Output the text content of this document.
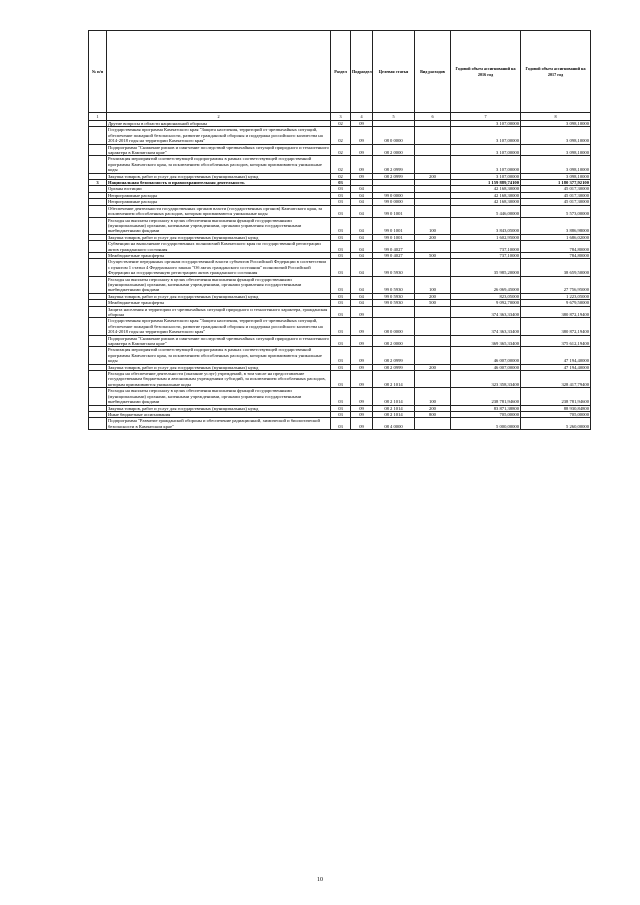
№ п/п		Раздел	Подраздел	Целевая статья	Вид расходов	Годовой объем ассигнований на 2016 год	Годовой объем ассигнований на 2017 год
1	2	3	4	5	6	7	8
	Другие вопросы в области национальной обороны	02	09			3 107,00000	3 098,10000
	Государственная программа Камчатского края "Защита населения, территорий от чрезвычайных ситуаций, обеспечение пожарной безопасности, развитие гражданской обороны и поддержка российского казачества на 2014-2018 годы на территории Камчатского края"	02	09	08 0 0000		3 107,00000	3 098,10000
	Подпрограмма "Снижение рисков и смягчение последствий чрезвычайных ситуаций природного и техногенного характера в Камчатском крае"	02	09	08 2 0000		3 107,00000	3 098,10000
	Реализация мероприятий соответствующей подпрограммы в рамках соответствующей государственной программы Камчатского края, за исключением обособленных расходов, которым присваиваются уникальные коды	02	09	08 2 0999		3 107,00000	3 098,10000
	Закупка товаров, работ и услуг для государственных (муниципальных) нужд	02	09	08 2 0999	200	3 107,00000	3 098,10000
3	Национальная безопасность и правоохранительная деятельность	03				1 159 889,74100	1 180 377,92100
	Органы юстиции	03	04			42 168,30000	45 017,30000
	Непрограммные расходы	03	04	99 0 0000		42 168,30000	45 017,30000
	Непрограммные расходы	03	04	99 0 0000		42 168,30000	45 017,30000
	Обеспечение деятельности государственных органов власти (государственных органов) Камчатского края, за исключением обособленных расходов, которым присваиваются уникальные коды	03	04	99 0 1001		5 446,00000	5 573,00000
	Расходы на выплаты персоналу в целях обеспечения выполнения функций государственными (муниципальными) органами, казенными учреждениями, органами управления государственными внебюджетными фондами	03	04	99 0 1001	100	3 843,05000	3 886,98000
	Закупка товаров, работ и услуг для государственных (муниципальных) нужд	03	04	99 0 1001	200	1 602,95000	1 686,02000
	Субвенции на выполнение государственных полномочий Камчатского края по государственной регистрации актов гражданского состояния	03	04	99 0 4027		737,10000	784,80000
	Межбюджетные трансферты	03	04	99 0 4027	500	737,10000	784,80000
	Осуществление переданных органам государственной власти субъектов Российской Федерации в соответствии с пунктом 1 статьи 4 Федерального закона "Об актах гражданского состояния" полномочий Российской Федерации на государственную регистрацию актов гражданского состояния	03	04	99 0 5930		35 985,20000	38 659,50000
	Расходы на выплаты персоналу в целях обеспечения выполнения функций государственными (муниципальными) органами, казенными учреждениями, органами управления государственными внебюджетными фондами	03	04	99 0 5930	100	26 069,45000	27 756,95000
	Закупка товаров, работ и услуг для государственных (муниципальных) нужд	03	04	99 0 5930	200	823,05000	1 223,05000
	Межбюджетные трансферты	03	04	99 0 5930	500	9 092,70000	9 679,50000
	Защита населения и территории от чрезвычайных ситуаций природного и техногенного характера, гражданская оборона	03	09			374 363,33400	380 872,19400
	Государственная программа Камчатского края "Защита населения, территорий от чрезвычайных ситуаций, обеспечение пожарной безопасности, развитие гражданской обороны и поддержка российского казачества на 2014-2018 годы на территории Камчатского края"	03	09	08 0 0000		374 363,33400	380 872,19400
	Подпрограмма "Снижение рисков и смягчение последствий чрезвычайных ситуаций природного и техногенного характера в Камчатском крае"	03	09	08 2 0000		369 365,33400	375 612,19400
	Реализация мероприятий соответствующей подпрограммы в рамках соответствующей государственной программы Камчатского края, за исключением обособленных расходов, которым присваиваются уникальные коды	03	09	08 2 0999		46 007,00000	47 194,40000
	Закупка товаров, работ и услуг для государственных (муниципальных) нужд	03	09	08 2 0999	200	46 007,00000	47 194,40000
	Расходы на обеспечение деятельности (оказание услуг) учреждений, в том числе на предоставление государственным бюджетным и автономным учреждениям субсидий, за исключением обособленных расходов, которым присваиваются уникальные коды	03	09	08 2 1014		323 358,33400	328 417,79400
	Расходы на выплаты персоналу в целях обеспечения выполнения функций государственными (муниципальными) органами, казенными учреждениями, органами управления государственными внебюджетными фондами	03	09	08 2 1014	100	238 781,94600	238 781,94600
	Закупка товаров, работ и услуг для государственных (муниципальных) нужд	03	09	08 2 1014	200	83 871,38800	88 930,84800
	Иные бюджетные ассигнования	03	09	08 2 1014	800	705,00000	705,00000
	Подпрограмма "Развитие гражданской обороны и обеспечение радиационной, химической и биологической безопасности в Камчатском крае"	03	09	08 4 0000		5 000,00000	5 260,00000
10
